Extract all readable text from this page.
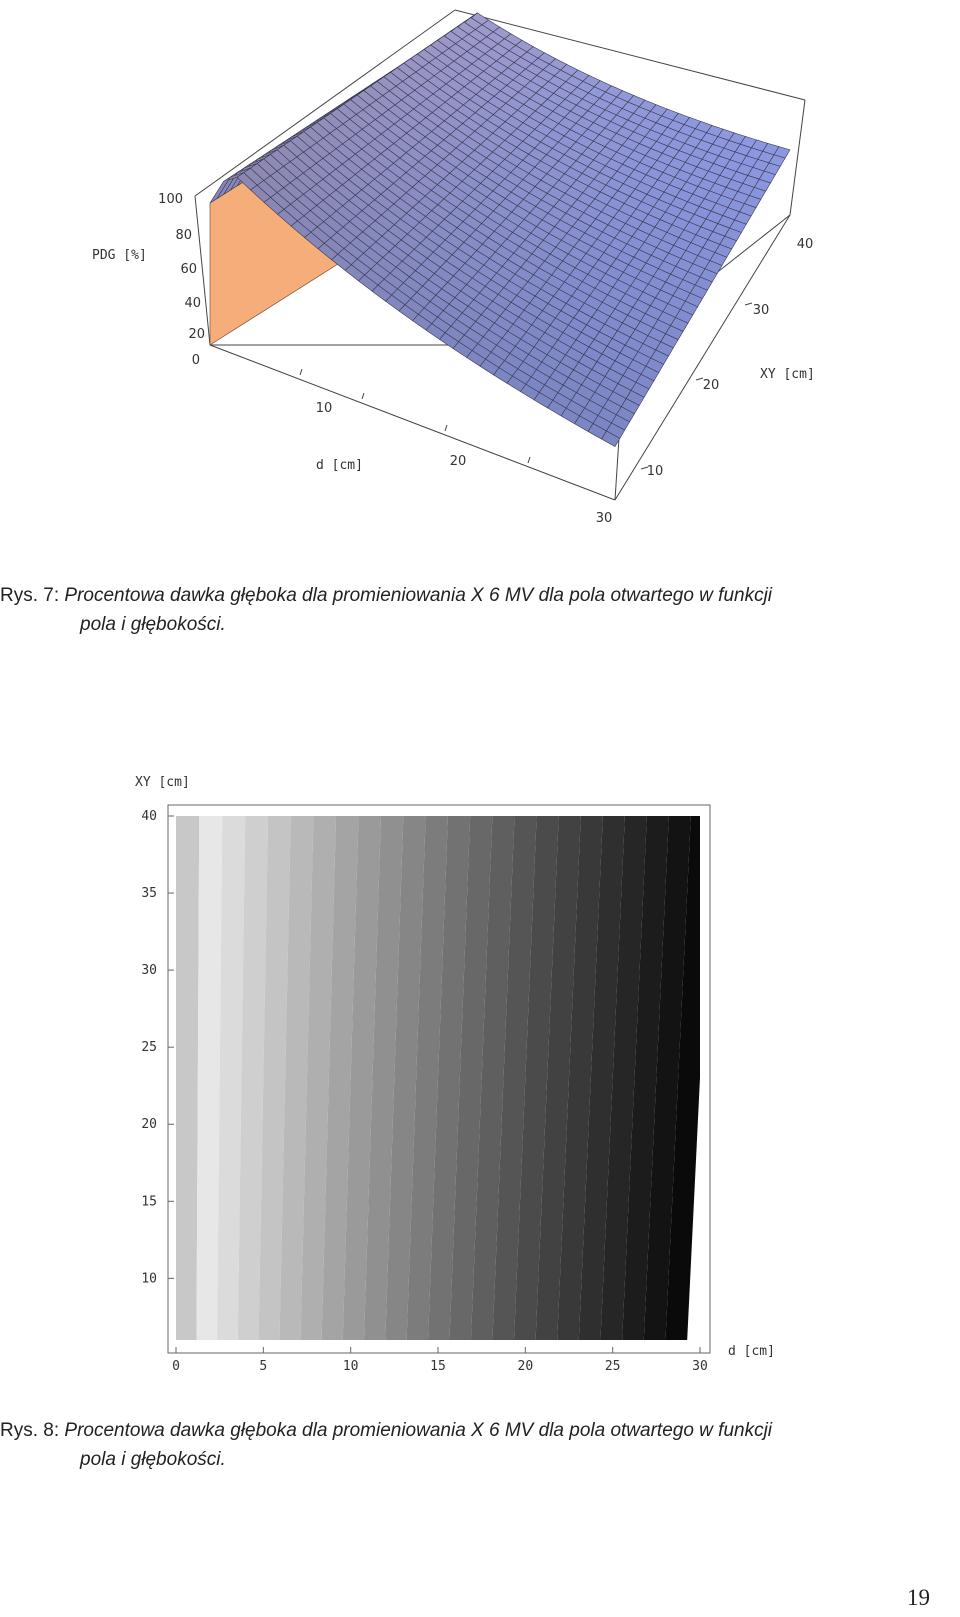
0
20
40
60
80
100
PDG [%]
10
20
30
d [cm]	10
20
30
40
XY [cm]
Rys. 7: Procentowa dawka głęboka dla promieniowania X 6 MV dla pola otwartego w funkcji
pola i głębokości.
XY [cm]
d [cm]
0	5	10	15	20	25	30
10
15
20
25
30
35
40
Rys. 8: Procentowa dawka głęboka dla promieniowania X 6 MV dla pola otwartego w funkcji
pola i głębokości.
19
